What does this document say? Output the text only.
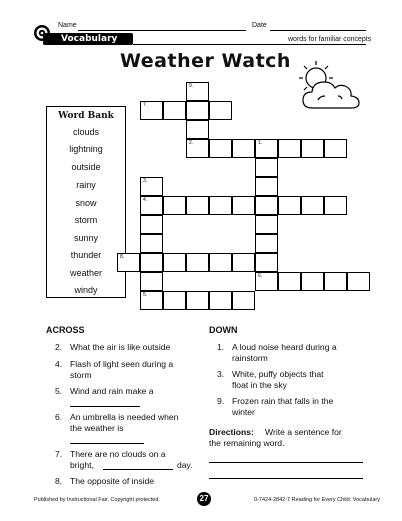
Name	Date
Vocabulary	words for familiar concepts
Weather Watch
Word Bank
clouds
lightning
outside
rainy
snow
storm
sunny
thunder
weather
windy
9.
2.
7.
1.
6.
3.
4.
5.
8.
ACROSS
2. What the air is like outside
4. Flash of light seen during a
storm
5. Wind and rain make a
6. An umbrella is needed when
the weather is
7. There are no clouds on a
bright,	day.
8. The opposite of inside
DOWN
1. A loud noise heard during a
rainstorm
3. White, puffy objects that
float in the sky
9. Frozen rain that falls in the
winter
Directions: Write a sentence for
the remaining word.
Published by Instructional Fair. Copyright protected.	27	0-7424-2842-7 Reading for Every Child: Vocabulary
